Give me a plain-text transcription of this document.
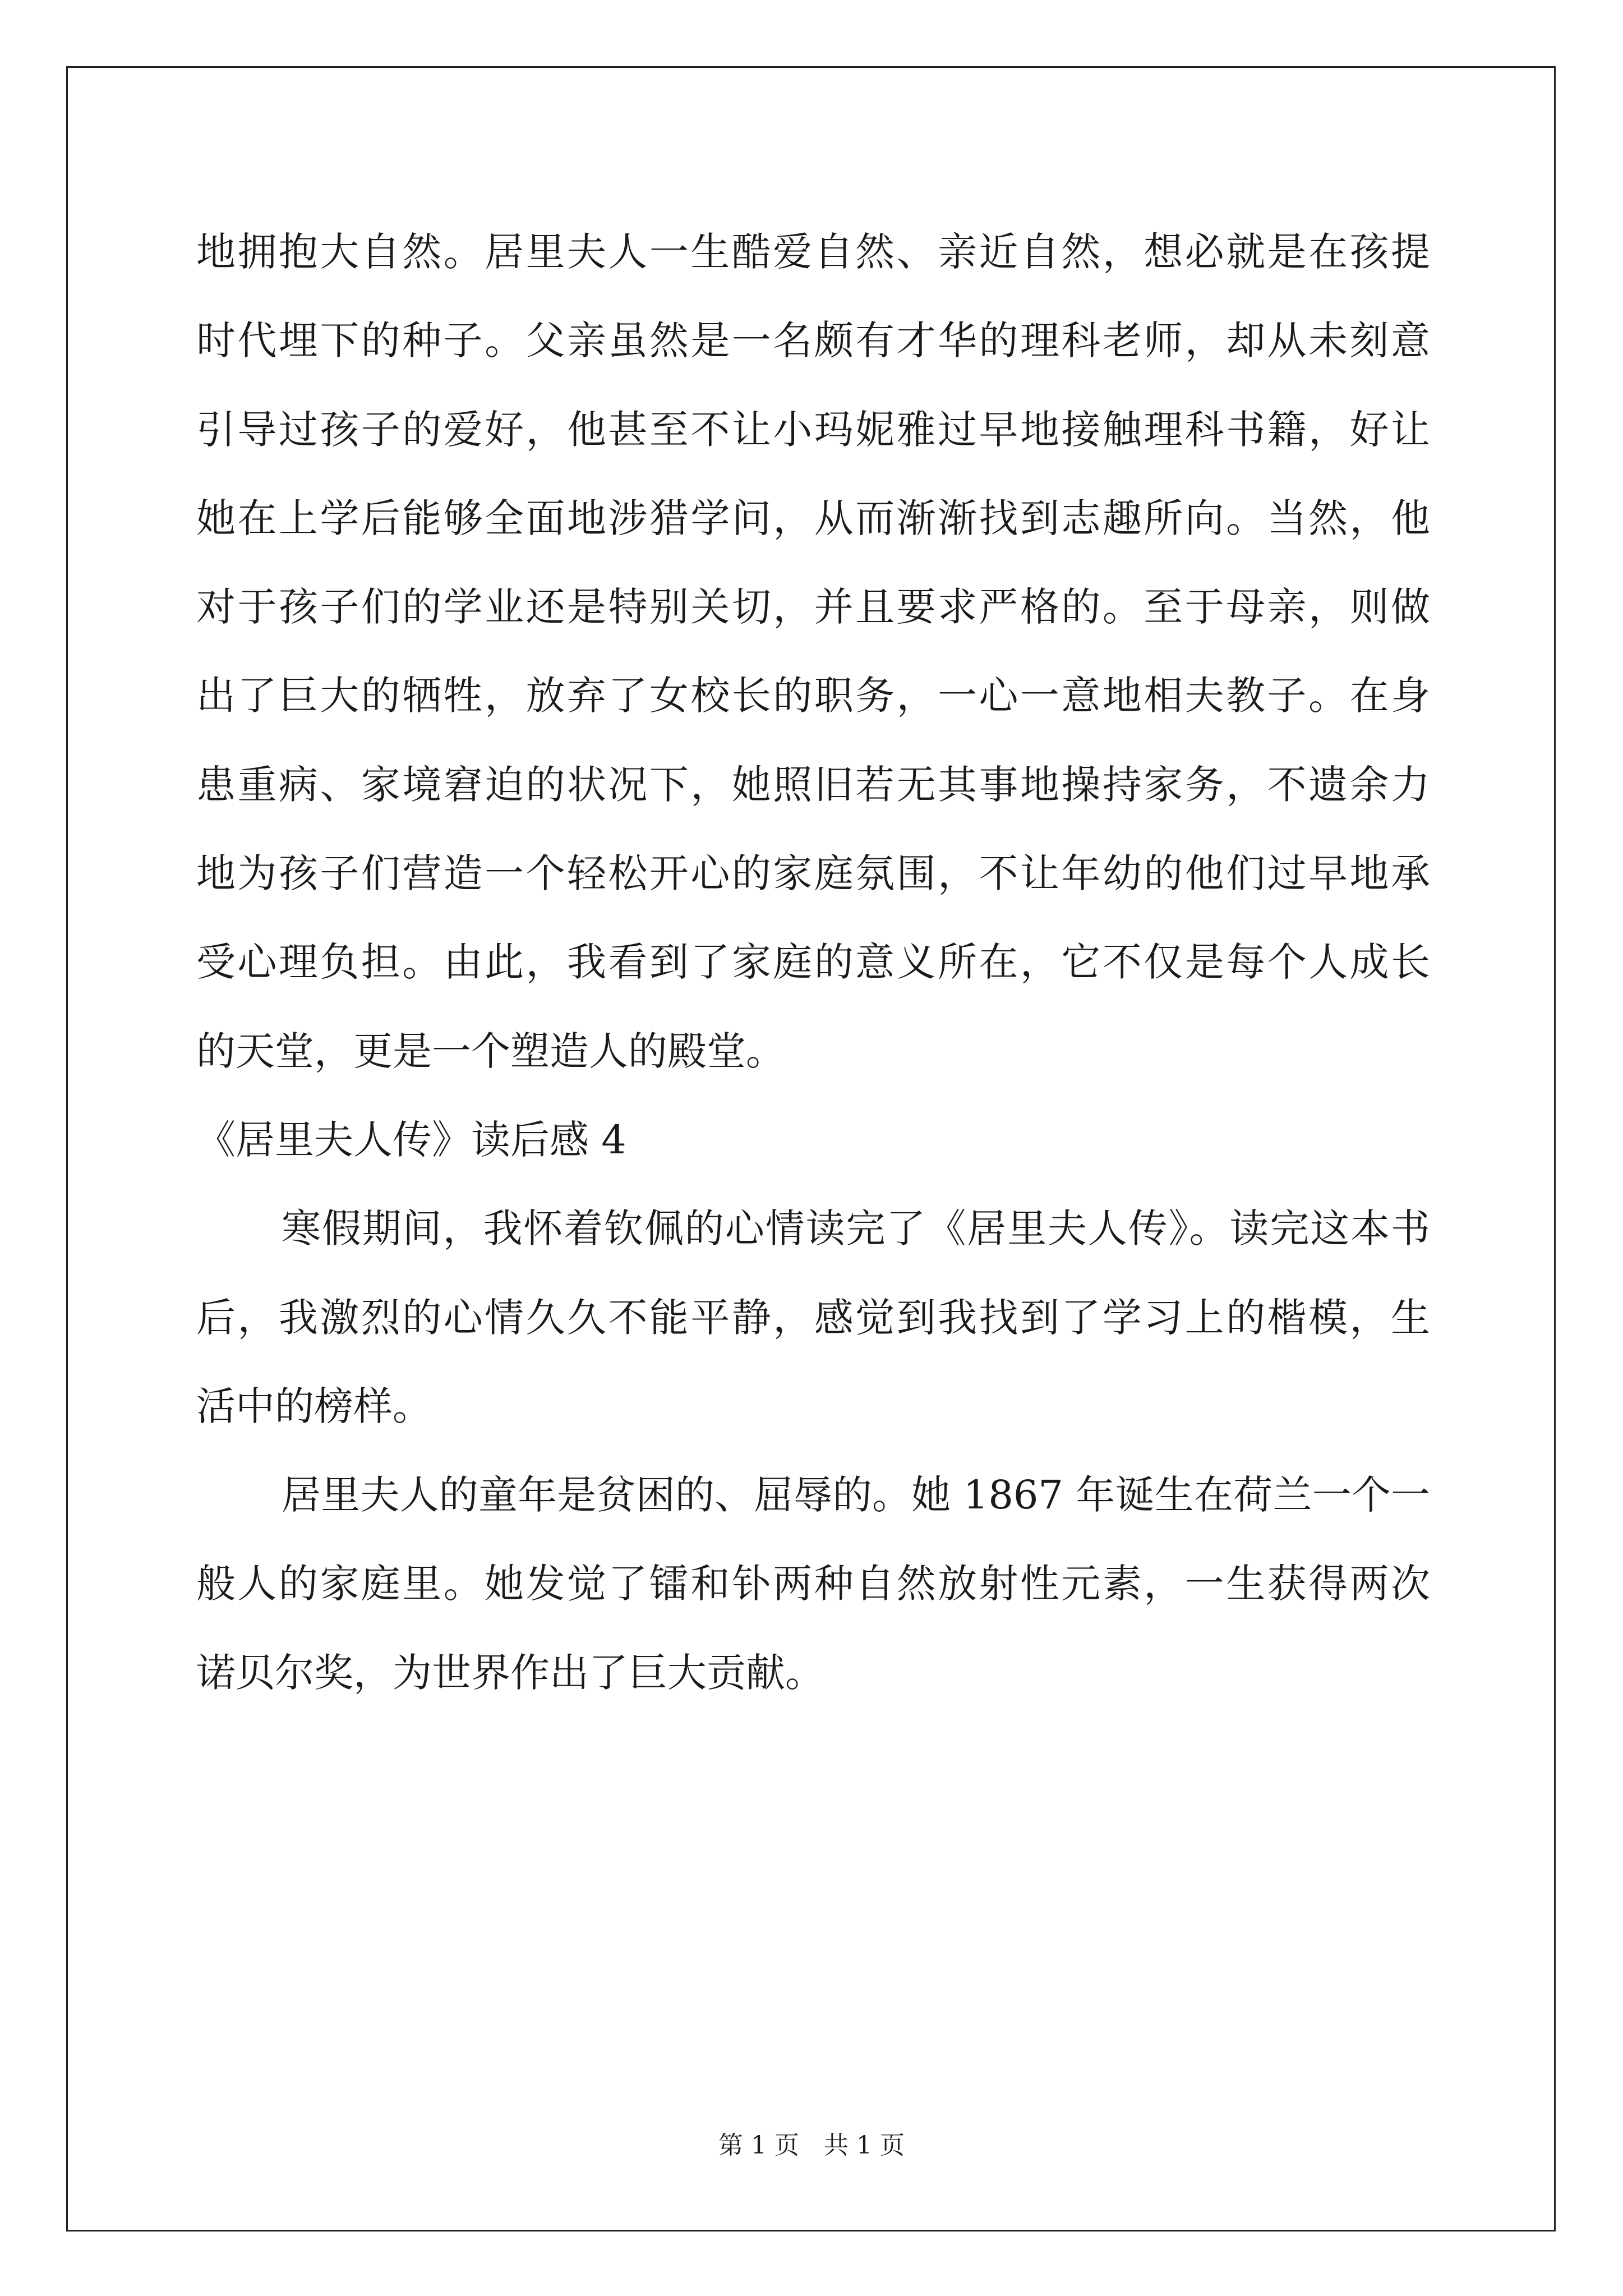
地拥抱大自然。居里夫人一生酷爱自然、亲近自然，想必就是在孩提
时代埋下的种子。父亲虽然是一名颇有才华的理科老师，却从未刻意
引导过孩子的爱好，他甚至不让小玛妮雅过早地接触理科书籍，好让
她在上学后能够全面地涉猎学问，从而渐渐找到志趣所向。当然，他
对于孩子们的学业还是特别关切，并且要求严格的。至于母亲，则做
出了巨大的牺牲，放弃了女校长的职务，一心一意地相夫教子。在身
患重病、家境窘迫的状况下，她照旧若无其事地操持家务，不遗余力
地为孩子们营造一个轻松开心的家庭氛围，不让年幼的他们过早地承
受心理负担。由此，我看到了家庭的意义所在，它不仅是每个人成长
的天堂，更是一个塑造人的殿堂。
《居里夫人传》读后感 4
寒假期间，我怀着钦佩的心情读完了《居里夫人传》。读完这本书
后，我激烈的心情久久不能平静，感觉到我找到了学习上的楷模，生
活中的榜样。
居里夫人的童年是贫困的、屈辱的。她 1867 年诞生在荷兰一个一
般人的家庭里。她发觉了镭和钋两种自然放射性元素，一生获得两次
诺贝尔奖，为世界作出了巨大贡献。
第 1 页 共 1 页
